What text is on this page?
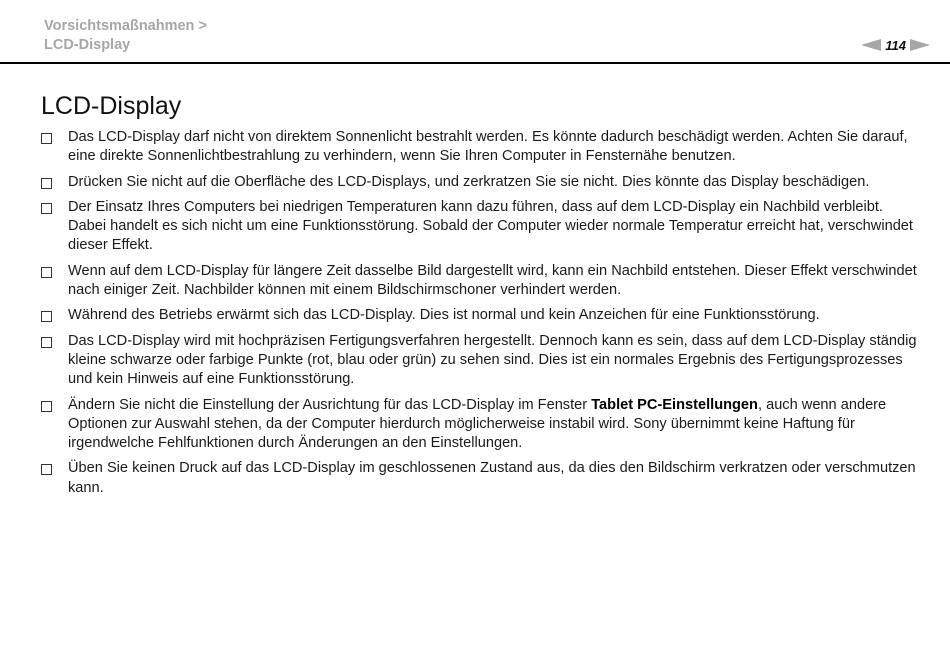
Vorsichtsmaßnahmen >
LCD-Display	114
LCD-Display
Das LCD-Display darf nicht von direktem Sonnenlicht bestrahlt werden. Es könnte dadurch beschädigt werden. Achten Sie darauf, eine direkte Sonnenlichtbestrahlung zu verhindern, wenn Sie Ihren Computer in Fensternähe benutzen.
Drücken Sie nicht auf die Oberfläche des LCD-Displays, und zerkratzen Sie sie nicht. Dies könnte das Display beschädigen.
Der Einsatz Ihres Computers bei niedrigen Temperaturen kann dazu führen, dass auf dem LCD-Display ein Nachbild verbleibt. Dabei handelt es sich nicht um eine Funktionsstörung. Sobald der Computer wieder normale Temperatur erreicht hat, verschwindet dieser Effekt.
Wenn auf dem LCD-Display für längere Zeit dasselbe Bild dargestellt wird, kann ein Nachbild entstehen. Dieser Effekt verschwindet nach einiger Zeit. Nachbilder können mit einem Bildschirmschoner verhindert werden.
Während des Betriebs erwärmt sich das LCD-Display. Dies ist normal und kein Anzeichen für eine Funktionsstörung.
Das LCD-Display wird mit hochpräzisen Fertigungsverfahren hergestellt. Dennoch kann es sein, dass auf dem LCD-Display ständig kleine schwarze oder farbige Punkte (rot, blau oder grün) zu sehen sind. Dies ist ein normales Ergebnis des Fertigungsprozesses und kein Hinweis auf eine Funktionsstörung.
Ändern Sie nicht die Einstellung der Ausrichtung für das LCD-Display im Fenster Tablet PC-Einstellungen, auch wenn andere Optionen zur Auswahl stehen, da der Computer hierdurch möglicherweise instabil wird. Sony übernimmt keine Haftung für irgendwelche Fehlfunktionen durch Änderungen an den Einstellungen.
Üben Sie keinen Druck auf das LCD-Display im geschlossenen Zustand aus, da dies den Bildschirm verkratzen oder verschmutzen kann.
